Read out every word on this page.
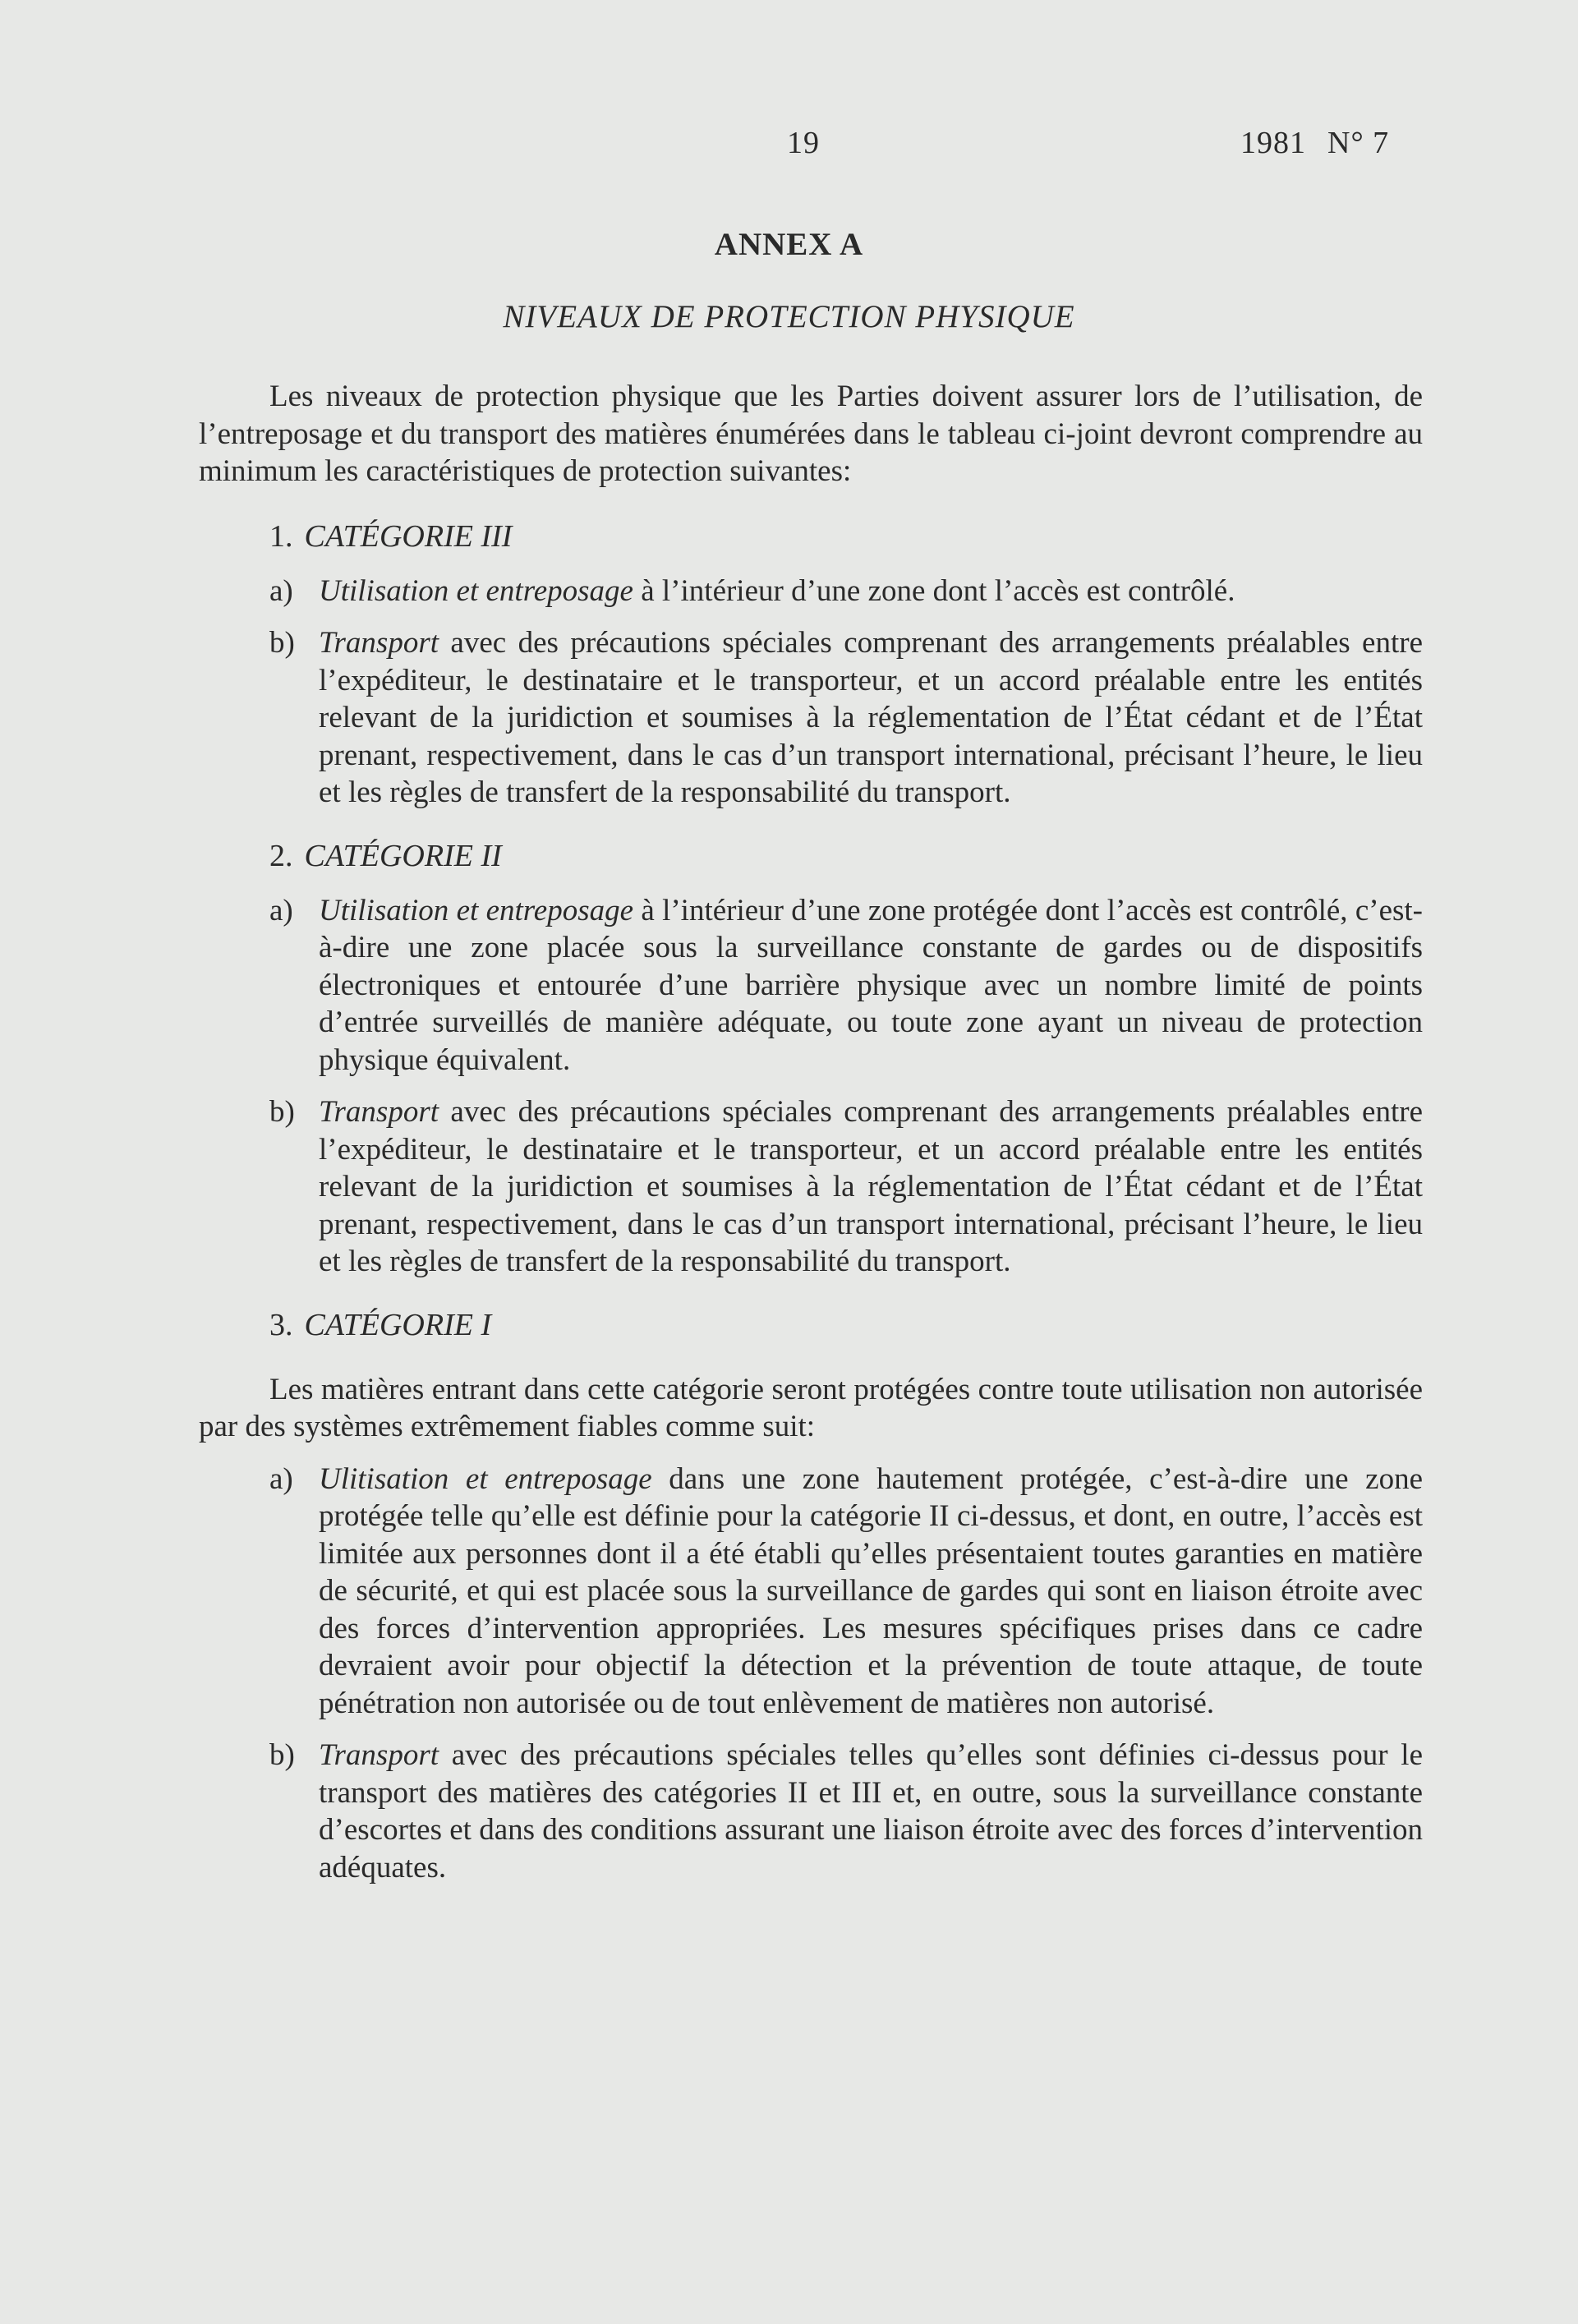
19	1981 N° 7
ANNEX A
NIVEAUX DE PROTECTION PHYSIQUE

Les niveaux de protection physique que les Parties doivent assurer lors de l’utilisation, de l’entreposage et du transport des matières énumérées dans le tableau ci-joint devront comprendre au minimum les caractéristiques de protection suivantes:

1. CATÉGORIE III

a) Utilisation et entreposage à l’intérieur d’une zone dont l’accès est contrôlé.

b) Transport avec des précautions spéciales comprenant des arrangements préalables entre l’expéditeur, le destinataire et le transporteur, et un accord préalable entre les entités relevant de la juridiction et soumises à la réglementation de l’État cédant et de l’État prenant, respectivement, dans le cas d’un transport international, précisant l’heure, le lieu et les règles de transfert de la responsabilité du transport.

2. CATÉGORIE II

a) Utilisation et entreposage à l’intérieur d’une zone protégée dont l’accès est contrôlé, c’est-à-dire une zone placée sous la surveillance constante de gardes ou de dispositifs électroniques et entourée d’une barrière physique avec un nombre limité de points d’entrée surveillés de manière adéquate, ou toute zone ayant un niveau de protection physique équivalent.

b) Transport avec des précautions spéciales comprenant des arrangements préalables entre l’expéditeur, le destinataire et le transporteur, et un accord préalable entre les entités relevant de la juridiction et soumises à la réglementation de l’État cédant et de l’État prenant, respectivement, dans le cas d’un transport international, précisant l’heure, le lieu et les règles de transfert de la responsabilité du transport.

3. CATÉGORIE I

Les matières entrant dans cette catégorie seront protégées contre toute utilisation non autorisée par des systèmes extrêmement fiables comme suit:

a) Ulitisation et entreposage dans une zone hautement protégée, c’est-à-dire une zone protégée telle qu’elle est définie pour la catégorie II ci-dessus, et dont, en outre, l’accès est limitée aux personnes dont il a été établi qu’elles présentaient toutes garanties en matière de sécurité, et qui est placée sous la surveillance de gardes qui sont en liaison étroite avec des forces d’intervention appropriées. Les mesures spécifiques prises dans ce cadre devraient avoir pour objectif la détection et la prévention de toute attaque, de toute pénétration non autorisée ou de tout enlèvement de matières non autorisé.

b) Transport avec des précautions spéciales telles qu’elles sont définies ci-dessus pour le transport des matières des catégories II et III et, en outre, sous la surveillance constante d’escortes et dans des conditions assurant une liaison étroite avec des forces d’intervention adéquates.
